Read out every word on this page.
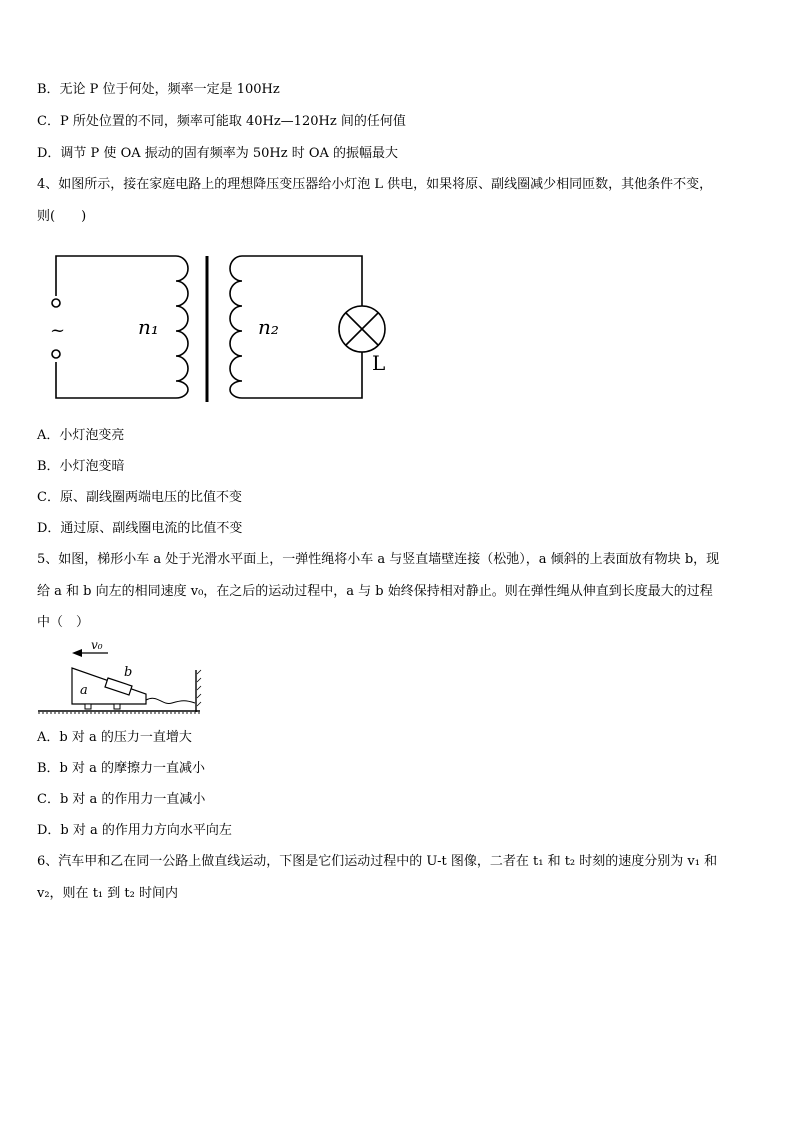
B．无论 P 位于何处，频率一定是 100Hz
C．P 所处位置的不同，频率可能取 40Hz—120Hz 间的任何值
D．调节 P 使 OA 振动的固有频率为 50Hz 时 OA 的振幅最大
4、如图所示，接在家庭电路上的理想降压变压器给小灯泡 L 供电，如果将原、副线圈减少相同匝数，其他条件不变，
则(　　)
~	n₁	n₂
L
v₀
b
a
A．小灯泡变亮
B．小灯泡变暗
C．原、副线圈两端电压的比值不变
D．通过原、副线圈电流的比值不变
5、如图，梯形小车 a 处于光滑水平面上，一弹性绳将小车 a 与竖直墙壁连接（松弛），a 倾斜的上表面放有物块 b，现
给 a 和 b 向左的相同速度 v₀，在之后的运动过程中，a 与 b 始终保持相对静止。则在弹性绳从伸直到长度最大的过程
中（　）
A．b 对 a 的压力一直增大
B．b 对 a 的摩擦力一直减小
C．b 对 a 的作用力一直减小
D．b 对 a 的作用力方向水平向左
6、汽车甲和乙在同一公路上做直线运动，下图是它们运动过程中的 U-t 图像，二者在 t₁ 和 t₂ 时刻的速度分别为 v₁ 和
v₂，则在 t₁ 到 t₂ 时间内
